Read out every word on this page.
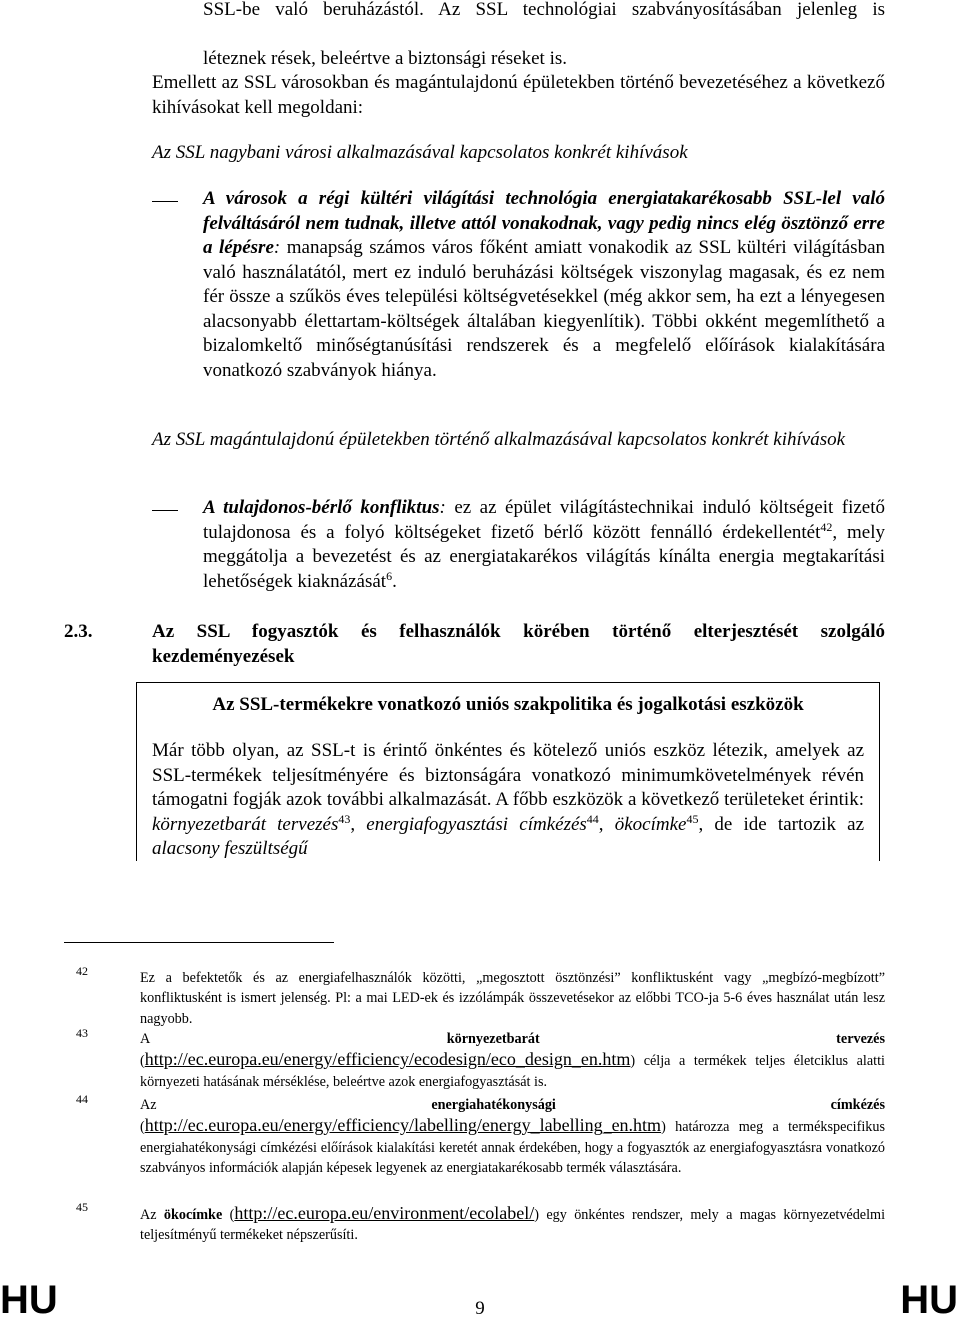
SSL-be való beruházástól. Az SSL technológiai szabványosításában jelenleg is
léteznek rések, beleértve a biztonsági réseket is.

Emellett az SSL városokban és magántulajdonú épületekben történő bevezetéséhez a következő kihívásokat kell megoldani:

Az SSL nagybani városi alkalmazásával kapcsolatos konkrét kihívások

A városok a régi kültéri világítási technológia energiatakarékosabb SSL-lel való felváltásáról nem tudnak, illetve attól vonakodnak, vagy pedig nincs elég ösztönző erre a lépésre: manapság számos város főként amiatt vonakodik az SSL kültéri világításban való használatától, mert ez induló beruházási költségek viszonylag magasak, és ez nem fér össze a szűkös éves települési költségvetésekkel (még akkor sem, ha ezt a lényegesen alacsonyabb élettartam-költségek általában kiegyenlítik). Többi okként megemlíthető a bizalomkeltő minőségtanúsítási rendszerek és a megfelelő előírások kialakítására vonatkozó szabványok hiánya.

Az SSL magántulajdonú épületekben történő alkalmazásával kapcsolatos konkrét kihívások

A tulajdonos-bérlő konfliktus: ez az épület világítástechnikai induló költségeit fizető tulajdonosa és a folyó költségeket fizető bérlő között fennálló érdekellentét$^{42}$, mely meggátolja a bevezetést és az energiatakarékos világítás kínálta energia megtakarítási lehetőségek kiaknázását$^6$.

2.3.	Az SSL fogyasztók és felhasználók körében történő elterjesztését szolgáló kezdeményezések

Az SSL-termékekre vonatkozó uniós szakpolitika és jogalkotási eszközök

Már több olyan, az SSL-t is érintő önkéntes és kötelező uniós eszköz létezik, amelyek az SSL-termékek teljesítményére és biztonságára vonatkozó minimumkövetelmények révén támogatni fogják azok további alkalmazását. A főbb eszközök a következő területeket érintik: környezetbarát tervezés$^{43}$, energiafogyasztási címkézés$^{44}$, ökocímke$^{45}$, de ide tartozik az alacsony feszültségű

42	Ez a befektetők és az energiafelhasználók közötti, „megosztott ösztönzési” konfliktusként vagy „megbízó-megbízott” konfliktusként is ismert jelenség. Pl: a mai LED-ek és izzólámpák összevetésekor az előbbi TCO-ja 5-6 éves használat után lesz nagyobb.

43	A	környezetbarát	tervezés
(http://ec.europa.eu/energy/efficiency/ecodesign/eco_design_en.htm) célja a termékek teljes életciklus alatti környezeti hatásának mérséklése, beleértve azok energiafogyasztását is.
44	Az	energiahatékonysági	címkézés
(http://ec.europa.eu/energy/efficiency/labelling/energy_labelling_en.htm) határozza meg a termékspecifikus energiahatékonysági címkézési előírások kialakítási keretét annak érdekében, hogy a fogyasztók az energiafogyasztásra vonatkozó szabványos információk alapján képesek legyenek az energiatakarékosabb termék választására.
45	Az ökocímke (http://ec.europa.eu/environment/ecolabel/) egy önkéntes rendszer, mely a magas környezetvédelmi teljesítményű termékeket népszerűsíti.

HU	9	HU
